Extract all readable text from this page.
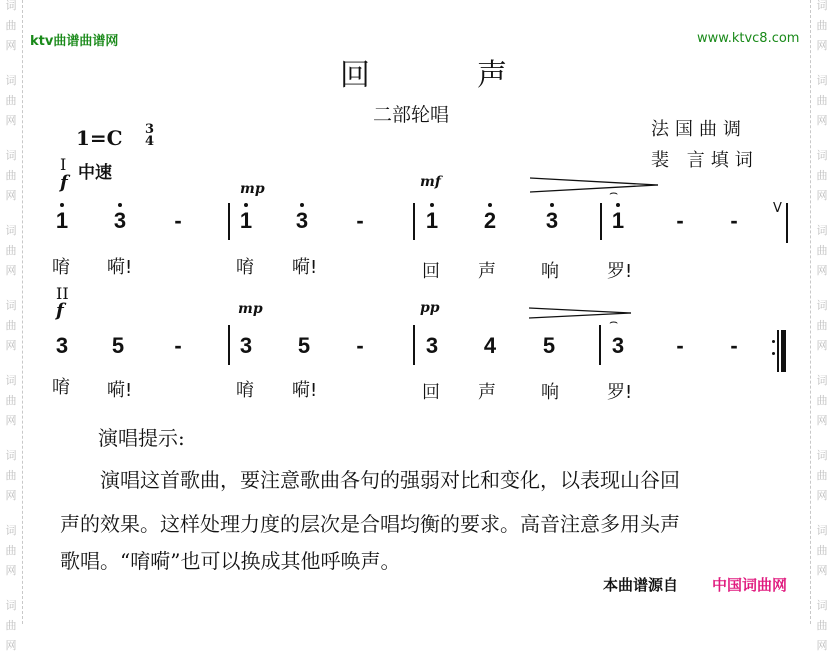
词
曲
网
词
曲
网
词
曲
网
词
曲
网
词
曲
网
词
曲
网
词
曲
网
词
曲
网
词
曲
网
词
曲
网
词
曲
网
词
曲
网
词
曲
网
词
曲
网
词
曲
网
词
曲
网
词
曲
网
词
曲
网
ktv曲谱曲谱网	www.ktvc8.com
回	声
二部轮唱
法国曲调
裴 言填词
1=C 3
4
I 中速
f	mp	mf
1 3	-	1 3	-	1 2 3
⌢
1	-	-	V
唷 嗬!	唷 嗬!	回 声	响	罗!
II
f	mp	pp
3 5	-	3 5	-	3 4 5
⌢
3	-	-
唷 嗬!	唷 嗬!	回 声	响	罗!
演唱提示:
　　演唱这首歌曲，要注意歌曲各句的强弱对比和变化，以表现山谷回
声的效果。这样处理力度的层次是合唱均衡的要求。高音注意多用头声
歌唱。“唷嗬”也可以换成其他呼唤声。
本曲谱源自 中国词曲网
